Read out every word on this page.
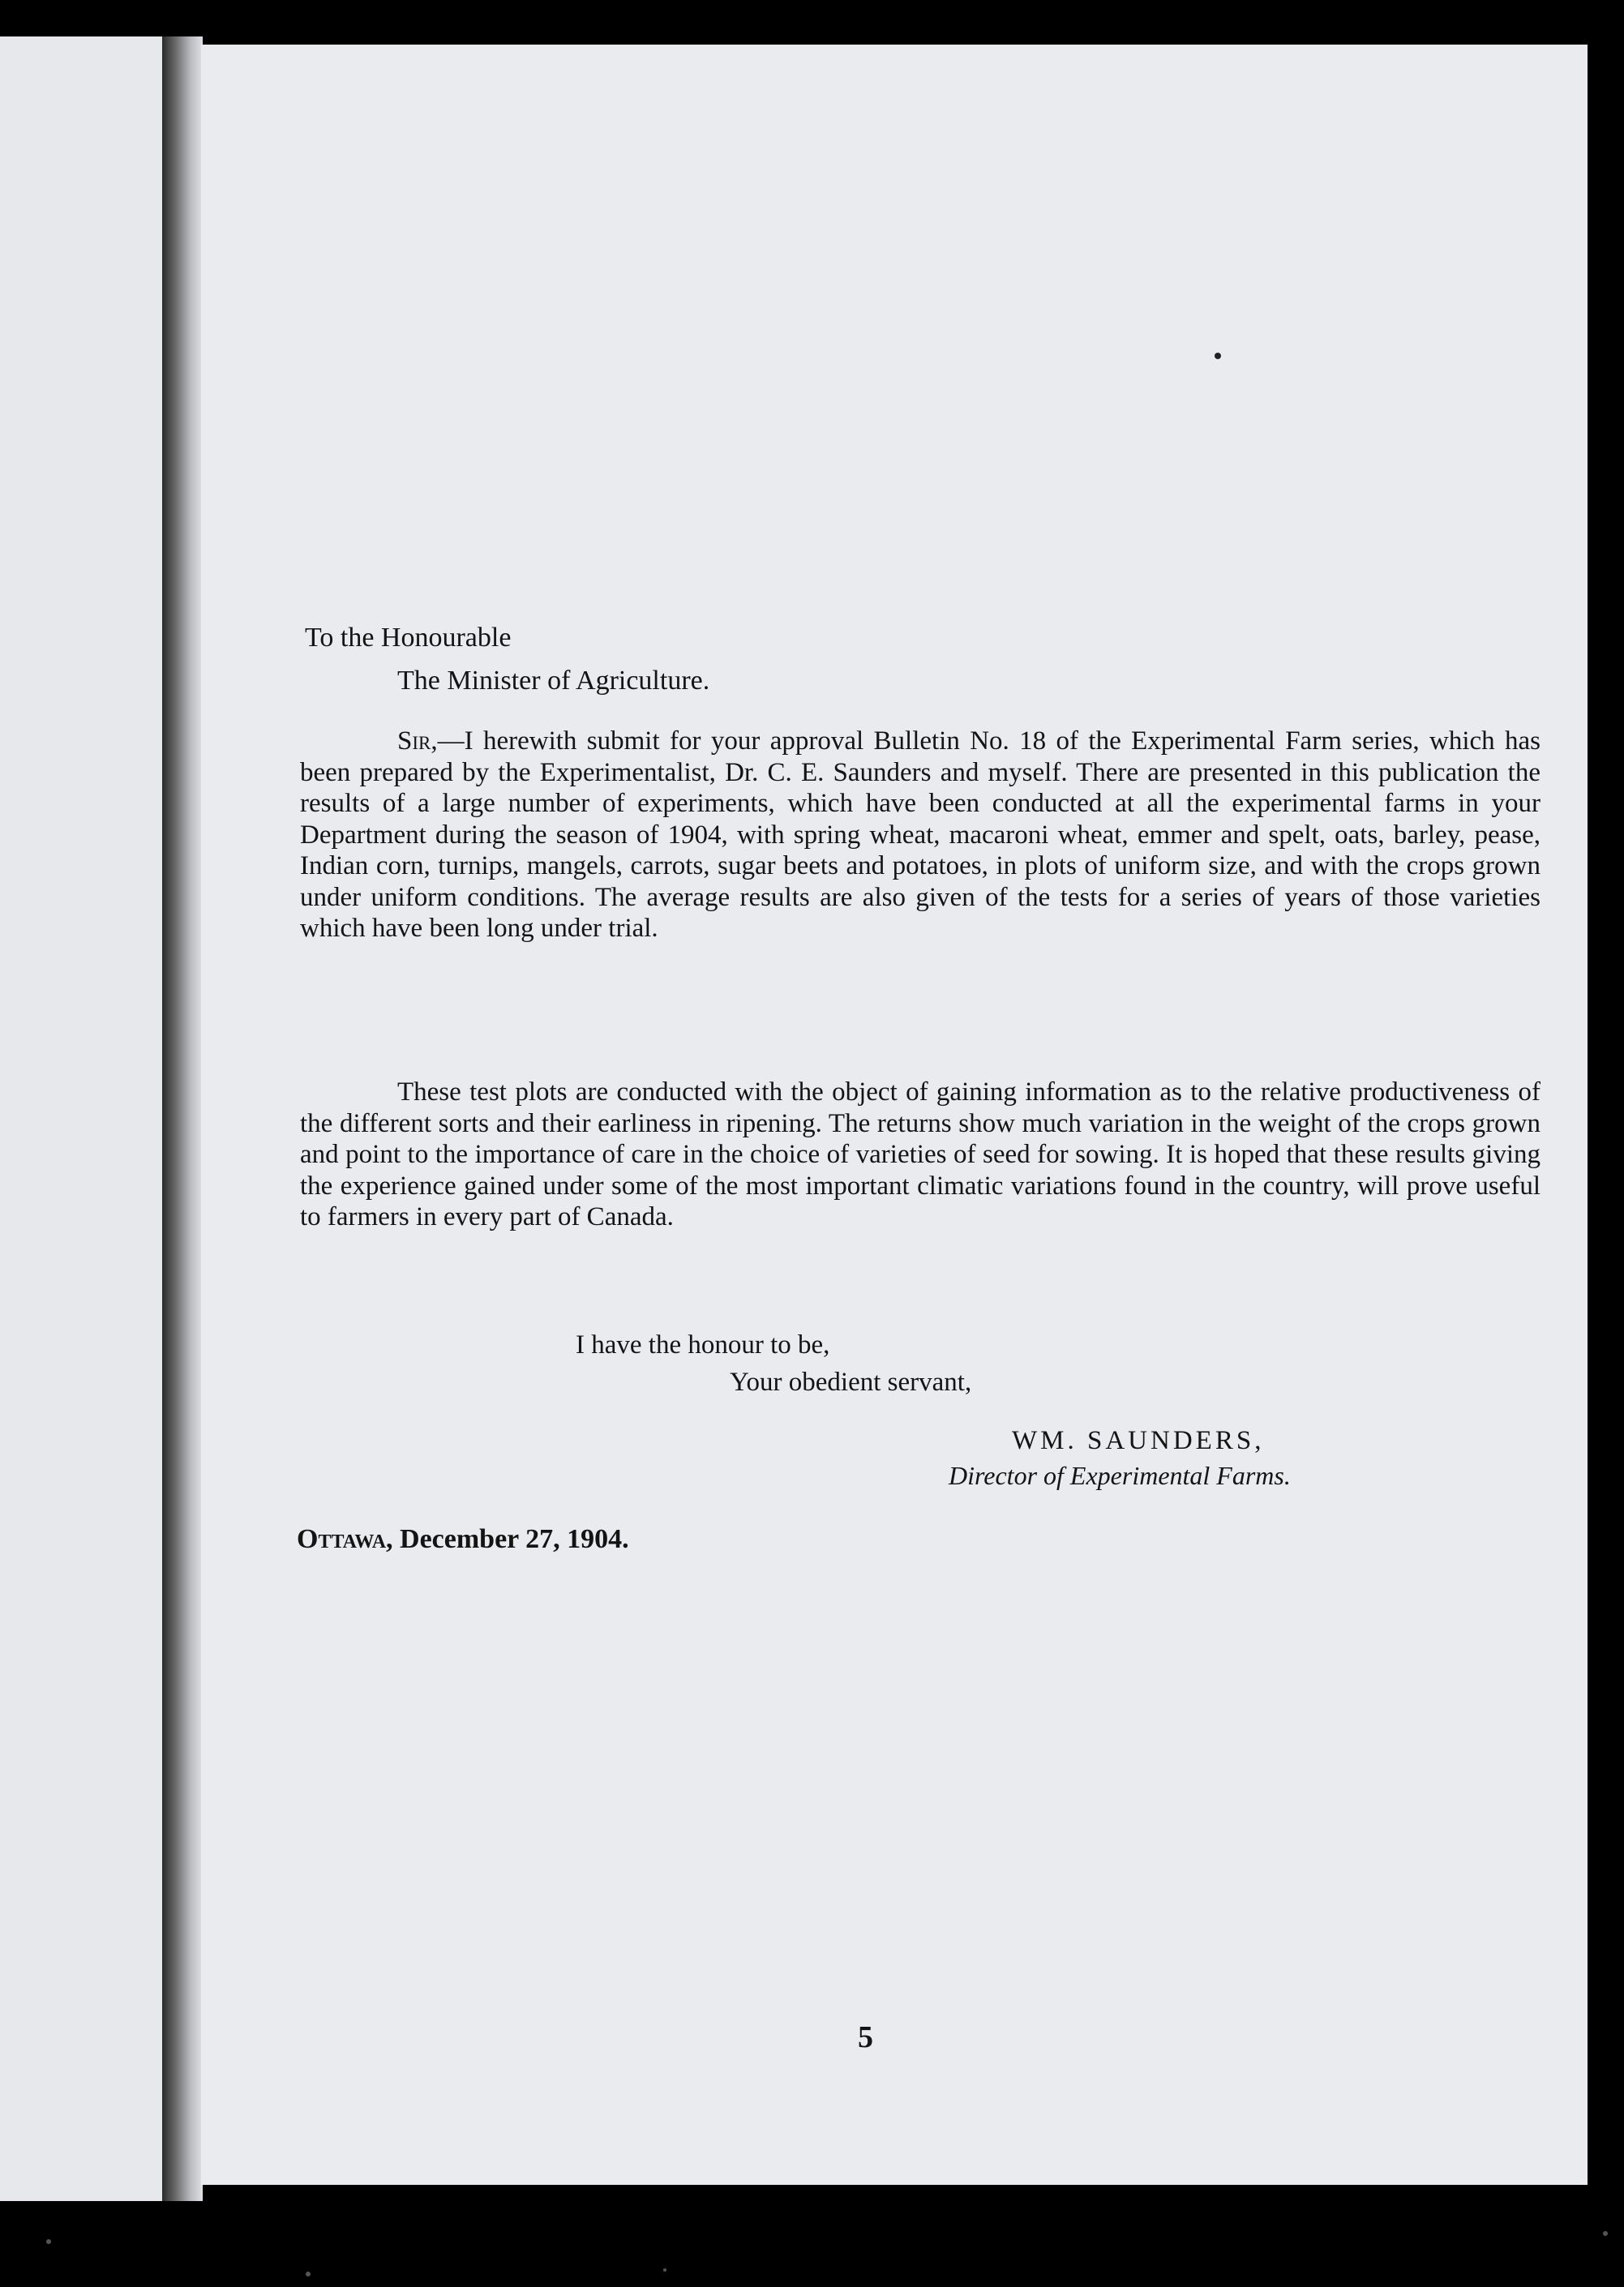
To the Honourable

The Minister of Agriculture.

Sir,—I herewith submit for your approval Bulletin No. 18 of the Experimental Farm series, which has been prepared by the Experimentalist, Dr. C. E. Saunders and myself. There are presented in this publication the results of a large number of experiments, which have been conducted at all the experimental farms in your Department during the season of 1904, with spring wheat, macaroni wheat, emmer and spelt, oats, barley, pease, Indian corn, turnips, mangels, carrots, sugar beets and potatoes, in plots of uniform size, and with the crops grown under uniform conditions. The average results are also given of the tests for a series of years of those varieties which have been long under trial.

These test plots are conducted with the object of gaining information as to the relative productiveness of the different sorts and their earliness in ripening. The returns show much variation in the weight of the crops grown and point to the importance of care in the choice of varieties of seed for sowing. It is hoped that these results giving the experience gained under some of the most important climatic variations found in the country, will prove useful to farmers in every part of Canada.

I have the honour to be,

Your obedient servant,

WM. SAUNDERS,

Director of Experimental Farms.

Ottawa, December 27, 1904.

5
